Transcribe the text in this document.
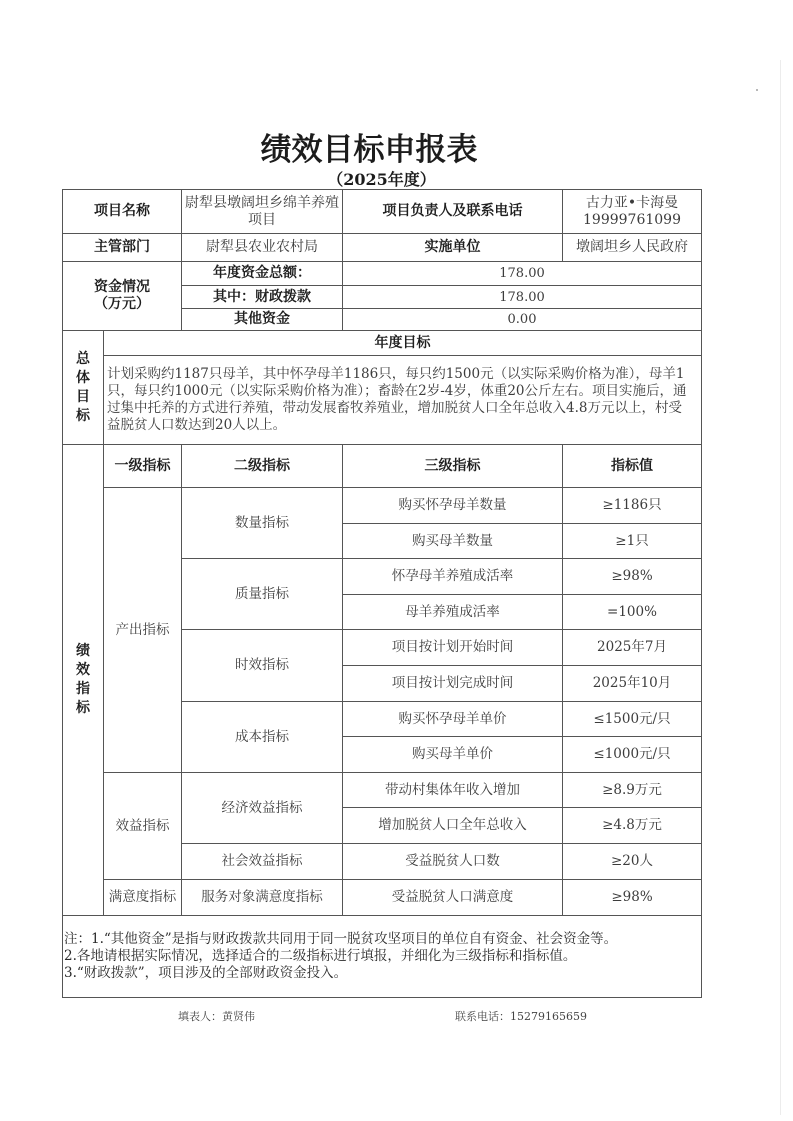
绩效目标申报表
（2025年度）
项目名称		尉犁县墩阔坦乡绵羊养殖项目	项目负责人及联系电话	古力亚•卡海曼
19999761099

主管部门		尉犁县农业农村局	实施单位	墩阔坦乡人民政府

资金情况
（万元）		年度资金总额：	178.00	
		其中：财政拨款	178.00	
		其他资金	0.00	
总体目标	年度目标			
	计划采购约1187只母羊，其中怀孕母羊1186只，每只约1500元（以实际采购价格为准），母羊1只，每只约1000元（以实际采购价格为准）；畜龄在2岁-4岁，体重20公斤左右。项目实施后，通过集中托养的方式进行养殖，带动发展畜牧养殖业，增加脱贫人口全年总收入4.8万元以上，村受益脱贫人口数达到20人以上。			
绩效指标	一级指标	二级指标	三级指标	指标值
	产出指标	数量指标	购买怀孕母羊数量	≥1186只
			购买母羊数量	≥1只
		质量指标	怀孕母羊养殖成活率	≥98%
			母羊养殖成活率	=100%
		时效指标	项目按计划开始时间	2025年7月
			项目按计划完成时间	2025年10月
		成本指标	购买怀孕母羊单价	≤1500元/只
			购买母羊单价	≤1000元/只
	效益指标	经济效益指标	带动村集体年收入增加	≥8.9万元
			增加脱贫人口全年总收入	≥4.8万元
		社会效益指标	受益脱贫人口数	≥20人
	满意度指标	服务对象满意度指标	受益脱贫人口满意度	≥98%

注：1.“其他资金”是指与财政拨款共同用于同一脱贫攻坚项目的单位自有资金、社会资金等。
2.各地请根据实际情况，选择适合的二级指标进行填报，并细化为三级指标和指标值。
3.“财政拨款”，项目涉及的全部财政资金投入。				
填表人：黄贤伟	联系电话：15279165659
